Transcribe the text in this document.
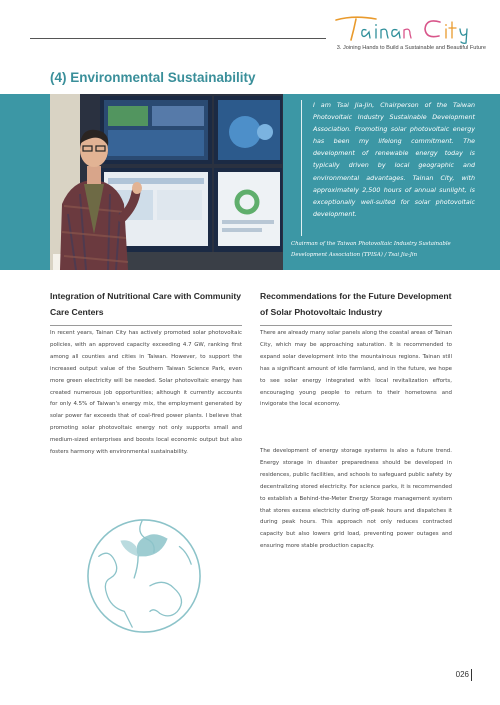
3. Joining Hands to Build a Sustainable and Beautiful Future
(4) Environmental Sustainability

I am Tsai Jia-Jin, Chairperson of the Taiwan Photovoltaic Industry Sustainable Development Association. Promoting solar photovoltaic energy has been my lifelong commitment. The development of renewable energy today is typically driven by local geographic and environmental advantages. Tainan City, with approximately 2,500 hours of annual sunlight, is exceptionally well-suited for solar photovoltaic development.

Chairman of the Taiwan Photovoltaic Industry Sustainable Development Association (TPISA) / Tsai Jia-Jin

Integration of Nutritional Care with Community Care Centers

In recent years, Tainan City has actively promoted solar photovoltaic policies, with an approved capacity exceeding 4.7 GW, ranking first among all counties and cities in Taiwan. However, to support the increased output value of the Southern Taiwan Science Park, even more green electricity will be needed. Solar photovoltaic energy has created numerous job opportunities; although it currently accounts for only 4.5% of Taiwan's energy mix, the employment generated by solar power far exceeds that of coal-fired power plants. I believe that promoting solar photovoltaic energy not only supports small and medium-sized enterprises and boosts local economic output but also fosters harmony with environmental sustainability.

Recommendations for the Future Development of Solar Photovoltaic Industry

There are already many solar panels along the coastal areas of Tainan City, which may be approaching saturation. It is recommended to expand solar development into the mountainous regions. Tainan still has a significant amount of idle farmland, and in the future, we hope to see solar energy integrated with local revitalization efforts, encouraging young people to return to their hometowns and invigorate the local economy.

The development of energy storage systems is also a future trend. Energy storage in disaster preparedness should be developed in residences, public facilities, and schools to safeguard public safety by decentralizing stored electricity. For science parks, it is recommended to establish a Behind-the-Meter Energy Storage management system that stores excess electricity during off-peak hours and dispatches it during peak hours. This approach not only reduces contracted capacity but also lowers grid load, preventing power outages and ensuring more stable production capacity.

026
